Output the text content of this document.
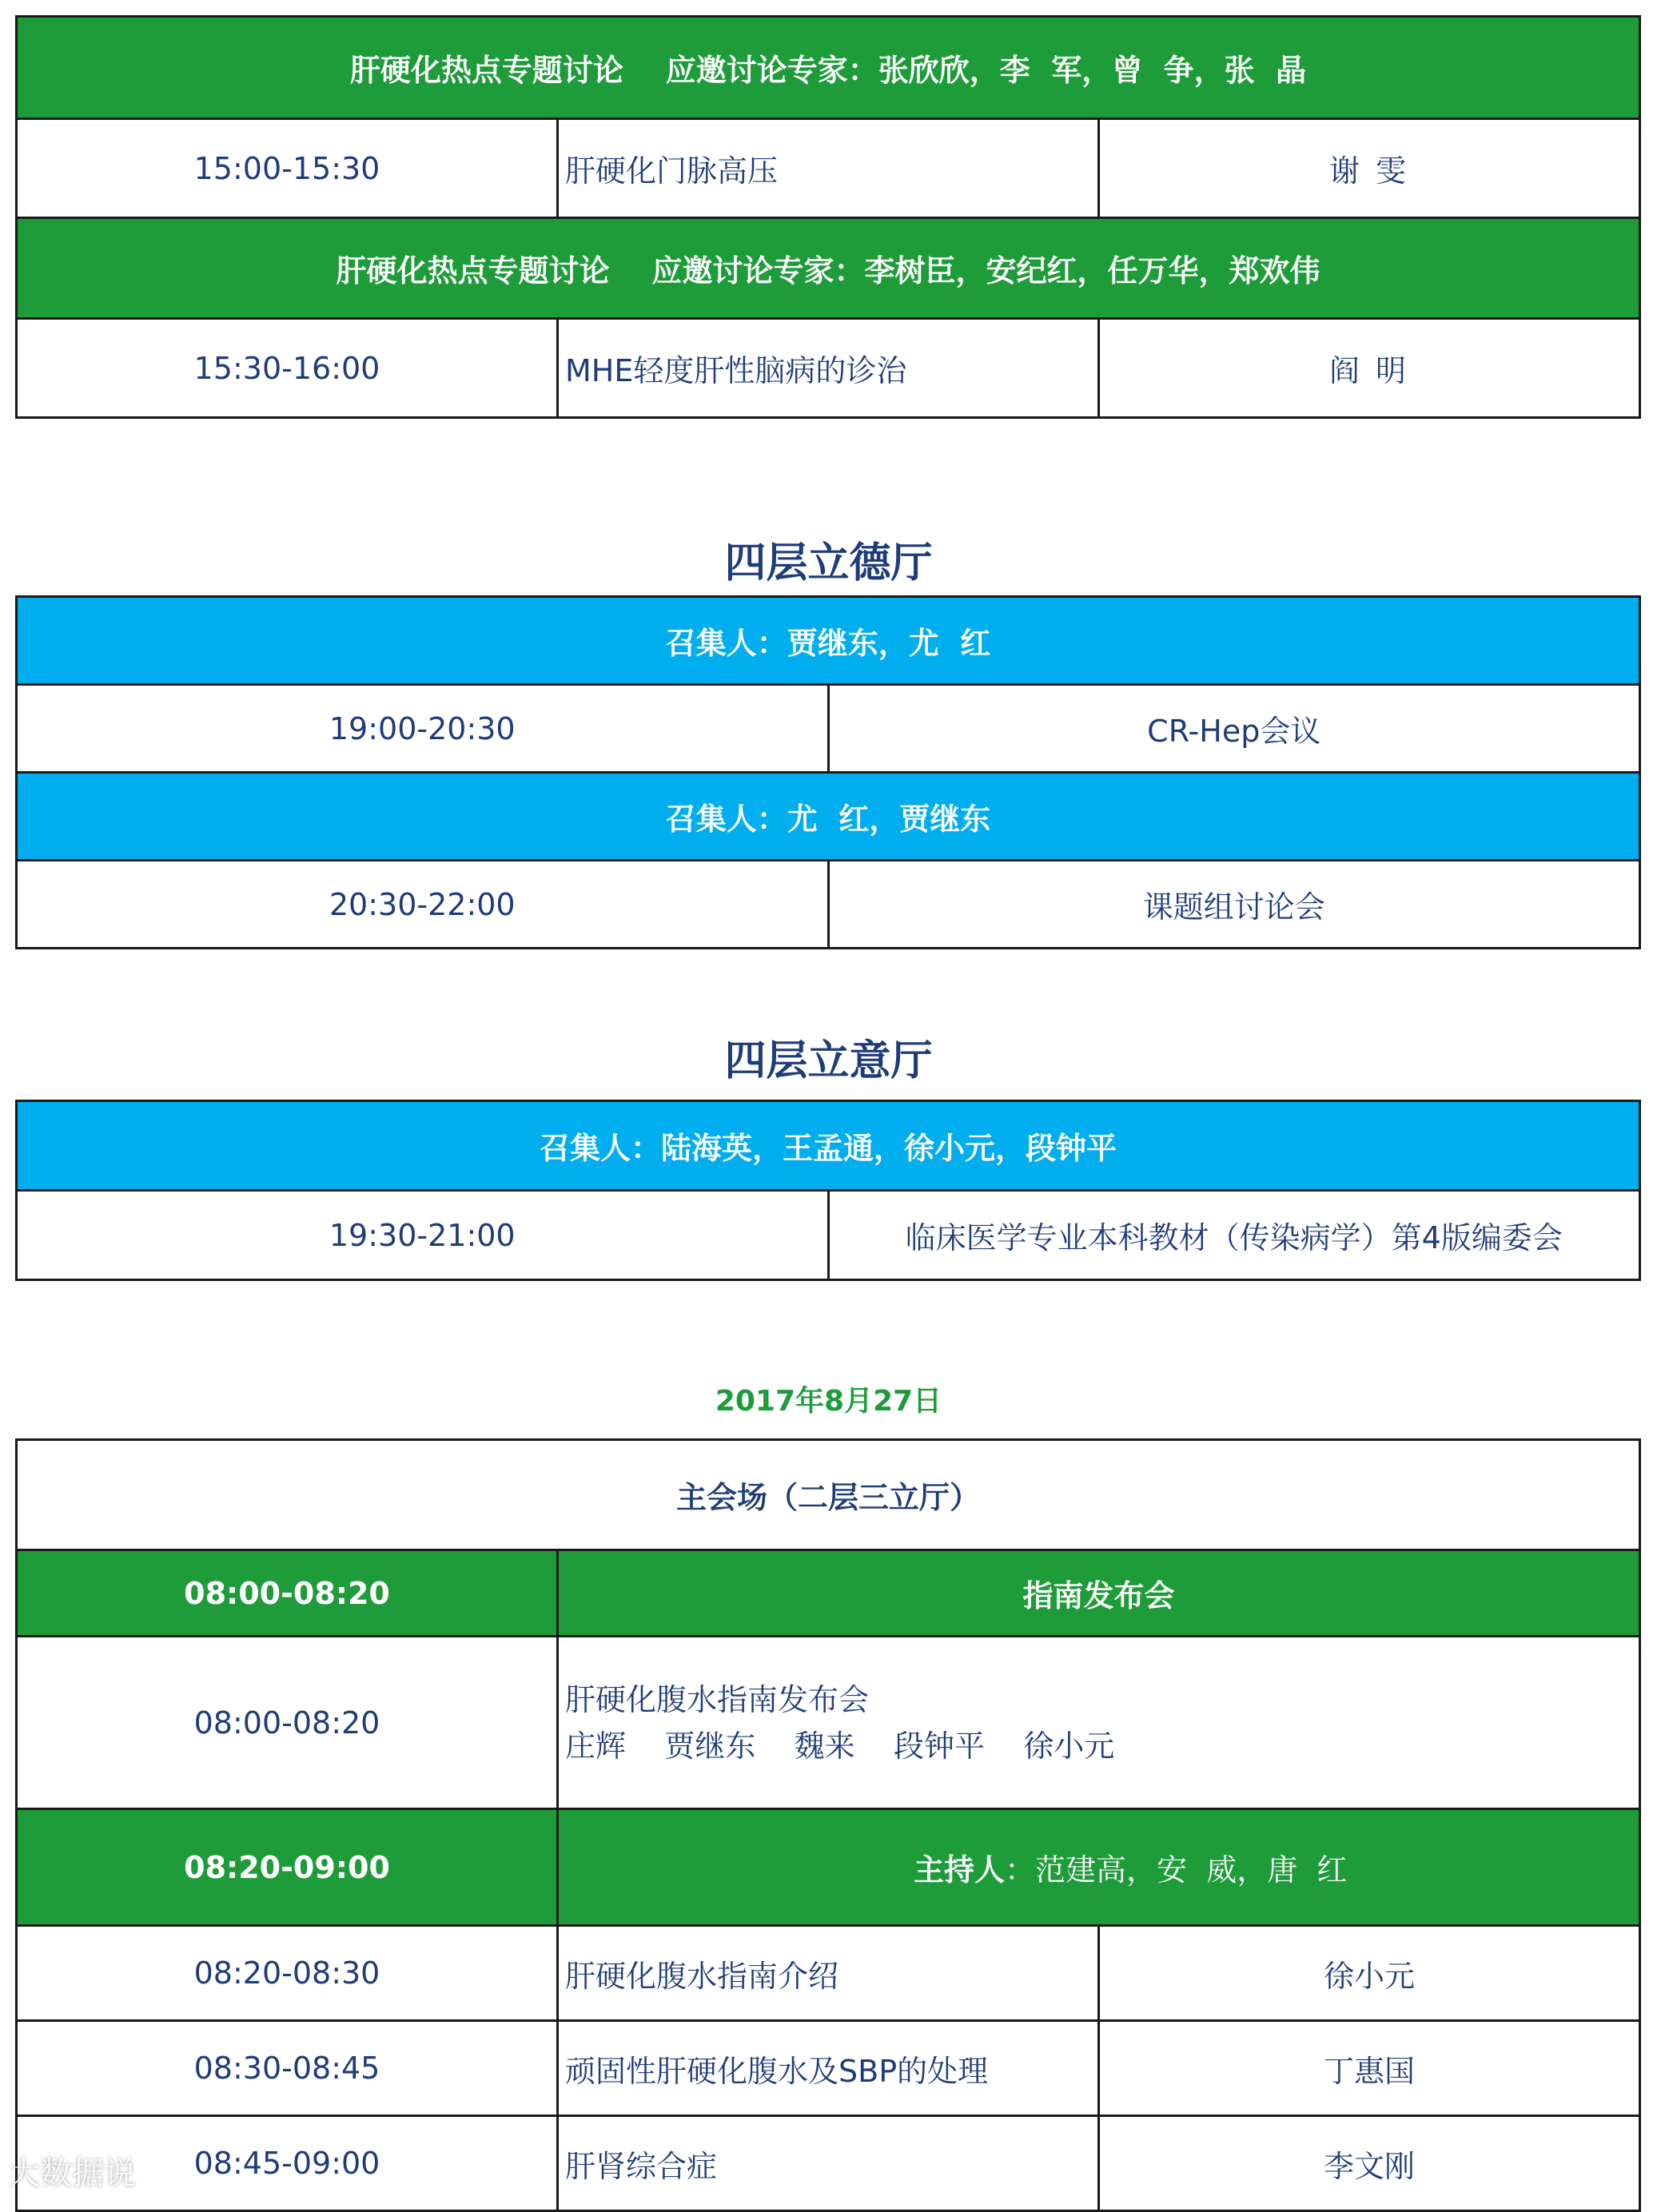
肝硬化热点专题讨论    应邀讨论专家：张欣欣，李  军，曾  争，张  晶		
15:00-15:30	肝硬化门脉高压	谢 雯
肝硬化热点专题讨论    应邀讨论专家：李树臣，安纪红，任万华，郑欢伟		
15:30-16:00	MHE轻度肝性脑病的诊治	阎 明
四层立德厅
召集人：贾继东，尤  红	
19:00-20:30	CR-Hep会议
召集人：尤  红，贾继东	
20:30-22:00	课题组讨论会
四层立意厅
召集人：陆海英，王孟通，徐小元，段钟平
19:30-21:00	临床医学专业本科教材（传染病学）第4版编委会
2017年8月27日
主会场（二层三立厅）		
08:00-08:20	指南发布会	
08:00-08:20	肝硬化腹水指南发布会
庄辉    贾继东    魏来    段钟平    徐小元	

08:20-09:00	主持人：范建高，安  威，唐  红	

08:20-08:30	肝硬化腹水指南介绍	徐小元
08:30-08:45	顽固性肝硬化腹水及SBP的处理	丁惠国
08:45-09:00	肝肾综合症	李文刚
大数据说
